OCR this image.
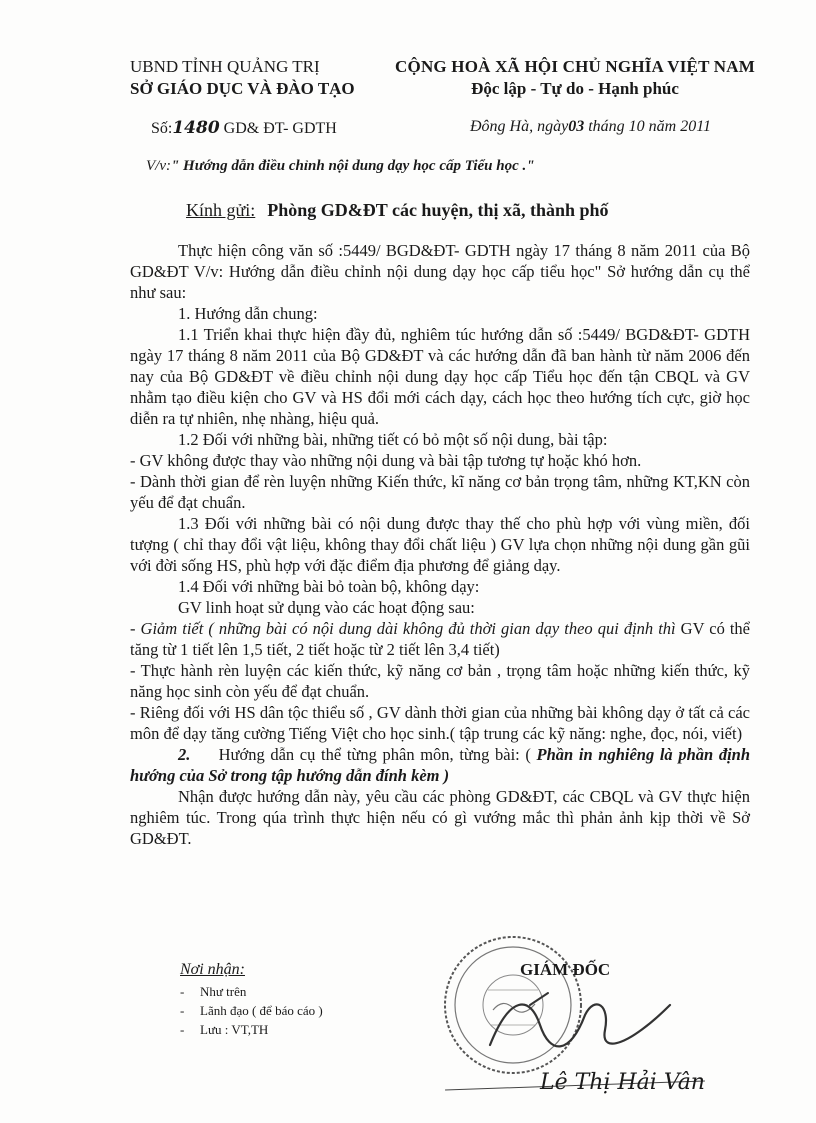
UBND TỈNH QUẢNG TRỊ
SỞ GIÁO DỤC VÀ ĐÀO TẠO
CỘNG HOÀ XÃ HỘI CHỦ NGHĨA VIỆT NAM
Độc lập - Tự do - Hạnh phúc
Số:1480 GD& ĐT- GDTH	Đông Hà, ngày03 tháng 10 năm 2011
V/v:" Hướng dẫn điều chỉnh nội dung dạy học cấp Tiểu học ."
Kính gửi: Phòng GD&ĐT các huyện, thị xã, thành phố

Thực hiện công văn số :5449/ BGD&ĐT- GDTH ngày 17 tháng 8 năm 2011 của Bộ GD&ĐT V/v: Hướng dẫn điều chỉnh nội dung dạy học cấp tiểu học" Sở hướng dẫn cụ thể như sau:

1. Hướng dẫn chung:

1.1 Triển khai thực hiện đầy đủ, nghiêm túc hướng dẫn số :5449/ BGD&ĐT- GDTH ngày 17 tháng 8 năm 2011 của Bộ GD&ĐT và các hướng dẫn đã ban hành từ năm 2006 đến nay của Bộ GD&ĐT về điều chỉnh nội dung dạy học cấp Tiểu học đến tận CBQL và GV nhằm tạo điều kiện cho GV và HS đổi mới cách dạy, cách học theo hướng tích cực, giờ học diễn ra tự nhiên, nhẹ nhàng, hiệu quả.

1.2 Đối với những bài, những tiết có bỏ một số nội dung, bài tập:

- GV không được thay vào những nội dung và bài tập tương tự hoặc khó hơn.

- Dành thời gian để rèn luyện những Kiến thức, kĩ năng cơ bản trọng tâm, những KT,KN còn yếu để đạt chuẩn.

1.3 Đối với những bài có nội dung được thay thế cho phù hợp với vùng miền, đối tượng ( chỉ thay đổi vật liệu, không thay đổi chất liệu ) GV lựa chọn những nội dung gần gũi với đời sống HS, phù hợp với đặc điểm địa phương để giảng dạy.

1.4 Đối với những bài bỏ toàn bộ, không dạy:

GV linh hoạt sử dụng vào các hoạt động sau:

- Giảm tiết ( những bài có nội dung dài không đủ thời gian dạy theo qui định thì GV có thể tăng từ 1 tiết lên 1,5 tiết, 2 tiết hoặc từ 2 tiết lên 3,4 tiết)

- Thực hành rèn luyện các kiến thức, kỹ năng cơ bản , trọng tâm hoặc những kiến thức, kỹ năng học sinh còn yếu để đạt chuẩn.

- Riêng đối với HS dân tộc thiểu số , GV dành thời gian của những bài không dạy ở tất cả các môn để dạy tăng cường Tiếng Việt cho học sinh.( tập trung các kỹ năng: nghe, đọc, nói, viết)

2. Hướng dẫn cụ thể từng phân môn, từng bài: ( Phần in nghiêng là phần định hướng của Sở trong tập hướng dẫn đính kèm )

Nhận được hướng dẫn này, yêu cầu các phòng GD&ĐT, các CBQL và GV thực hiện nghiêm túc. Trong qúa trình thực hiện nếu có gì vướng mắc thì phản ảnh kịp thời về Sở GD&ĐT.

Nơi nhận:
- Như trên
- Lãnh đạo ( để báo cáo )
- Lưu : VT,TH
GIÁM ĐỐC
Lê Thị Hải Vân
